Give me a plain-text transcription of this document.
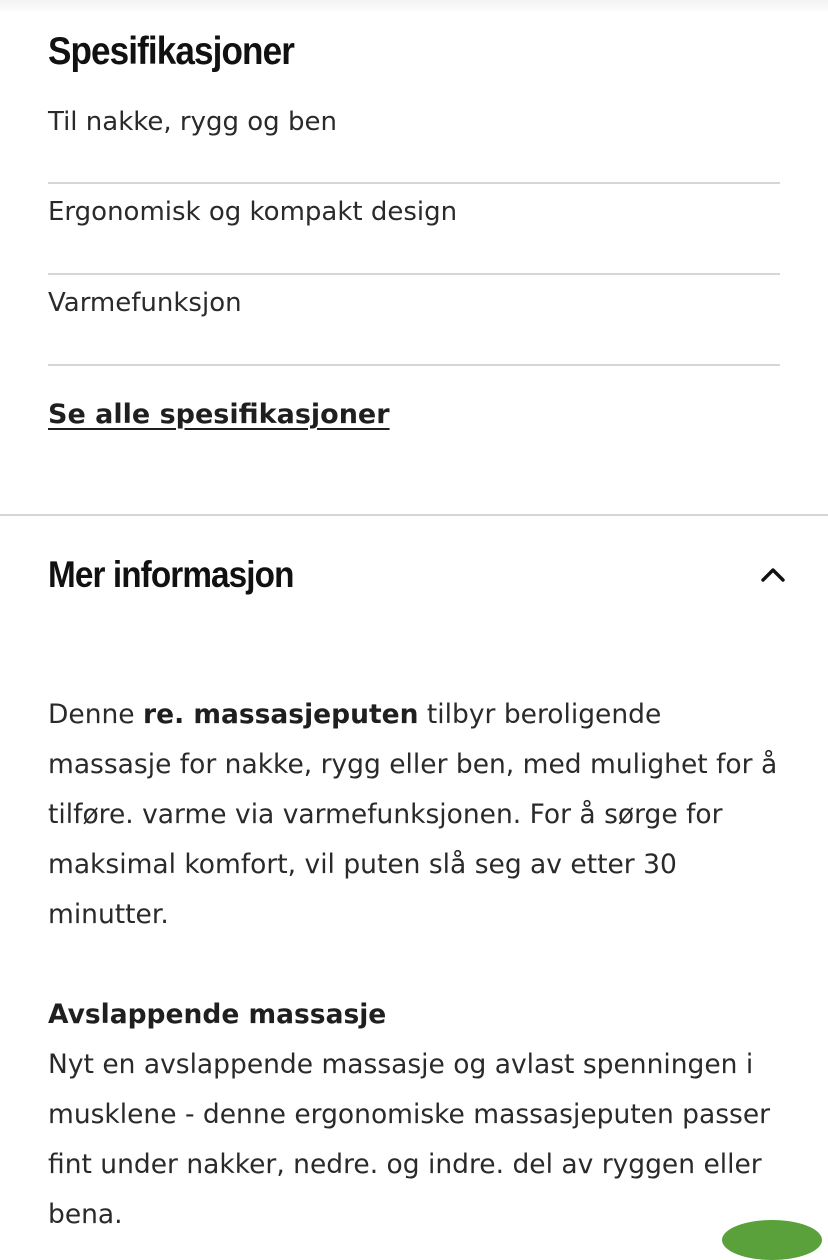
Spesifikasjoner
Til nakke, rygg og ben
Ergonomisk og kompakt design
Varmefunksjon
Se alle spesifikasjoner
Mer informasjon

Denne re. massasjeputen tilbyr beroligende massasje for nakke, rygg eller ben, med mulighet for å tilføre. varme via varmefunksjonen. For å sørge for maksimal komfort, vil puten slå seg av etter 30 minutter.

Avslappende massasje

Nyt en avslappende massasje og avlast spenningen i musklene - denne ergonomiske massasjeputen passer fint under nakker, nedre. og indre. del av ryggen eller bena.
